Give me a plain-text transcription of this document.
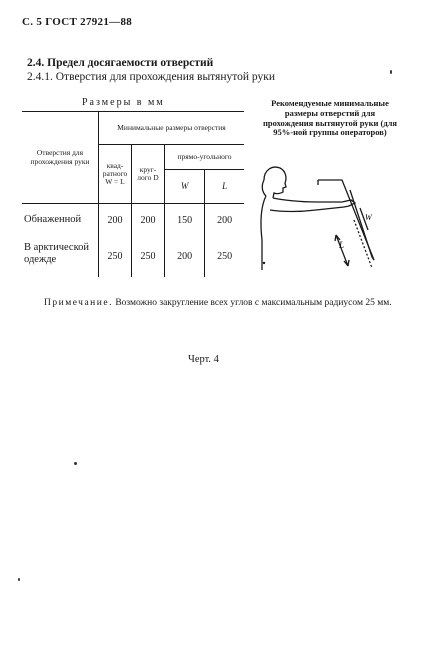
С. 5 ГОСТ 27921—88
2.4. Предел досягаемости отверстий
2.4.1. Отверстия для прохождения вытянутой руки
Размеры в мм
Отверстия для прохождения руки	Минимальные размеры отверстия			
	квад-ратного W = L	круг-лого D	прямо-угольного	
			W	L
Обнаженной	200	200	150	200
В арктической одежде	250	250	200	250
Рекомендуемые минимальные размеры отверстий для прохождения вытянутой руки (для 95%-ной группы операторов)
W
L
Примечание. Возможно закругление всех углов с максимальным радиусом 25 мм.
Черт. 4
